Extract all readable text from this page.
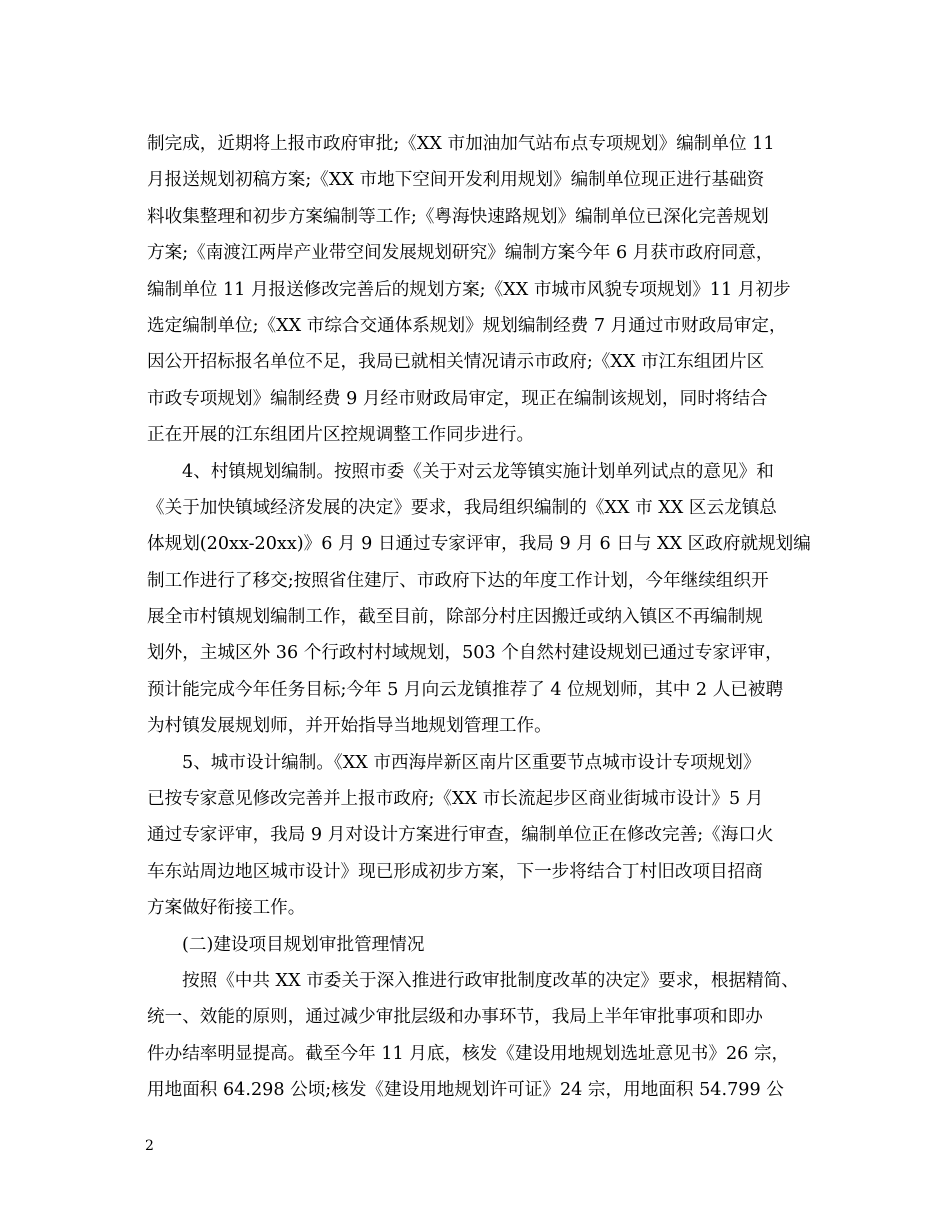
制完成，近期将上报市政府审批;《XX 市加油加气站布点专项规划》编制单位 11
月报送规划初稿方案;《XX 市地下空间开发利用规划》编制单位现正进行基础资
料收集整理和初步方案编制等工作;《粤海快速路规划》编制单位已深化完善规划
方案;《南渡江两岸产业带空间发展规划研究》编制方案今年 6 月获市政府同意，
编制单位 11 月报送修改完善后的规划方案;《XX 市城市风貌专项规划》11 月初步
选定编制单位;《XX 市综合交通体系规划》规划编制经费 7 月通过市财政局审定，
因公开招标报名单位不足，我局已就相关情况请示市政府;《XX 市江东组团片区
市政专项规划》编制经费 9 月经市财政局审定，现正在编制该规划，同时将结合
正在开展的江东组团片区控规调整工作同步进行。
4、村镇规划编制。按照市委《关于对云龙等镇实施计划单列试点的意见》和
《关于加快镇域经济发展的决定》要求，我局组织编制的《XX 市 XX 区云龙镇总
体规划(20xx-20xx)》6 月 9 日通过专家评审，我局 9 月 6 日与 XX 区政府就规划编
制工作进行了移交;按照省住建厅、市政府下达的年度工作计划，今年继续组织开
展全市村镇规划编制工作，截至目前，除部分村庄因搬迁或纳入镇区不再编制规
划外，主城区外 36 个行政村村域规划，503 个自然村建设规划已通过专家评审，
预计能完成今年任务目标;今年 5 月向云龙镇推荐了 4 位规划师，其中 2 人已被聘
为村镇发展规划师，并开始指导当地规划管理工作。
5、城市设计编制。《XX 市西海岸新区南片区重要节点城市设计专项规划》
已按专家意见修改完善并上报市政府;《XX 市长流起步区商业街城市设计》5 月
通过专家评审，我局 9 月对设计方案进行审查，编制单位正在修改完善;《海口火
车东站周边地区城市设计》现已形成初步方案，下一步将结合丁村旧改项目招商
方案做好衔接工作。
(二)建设项目规划审批管理情况
按照《中共 XX 市委关于深入推进行政审批制度改革的决定》要求，根据精简、
统一、效能的原则，通过减少审批层级和办事环节，我局上半年审批事项和即办
件办结率明显提高。截至今年 11 月底，核发《建设用地规划选址意见书》26 宗，
用地面积 64.298 公顷;核发《建设用地规划许可证》24 宗，用地面积 54.799 公
2
